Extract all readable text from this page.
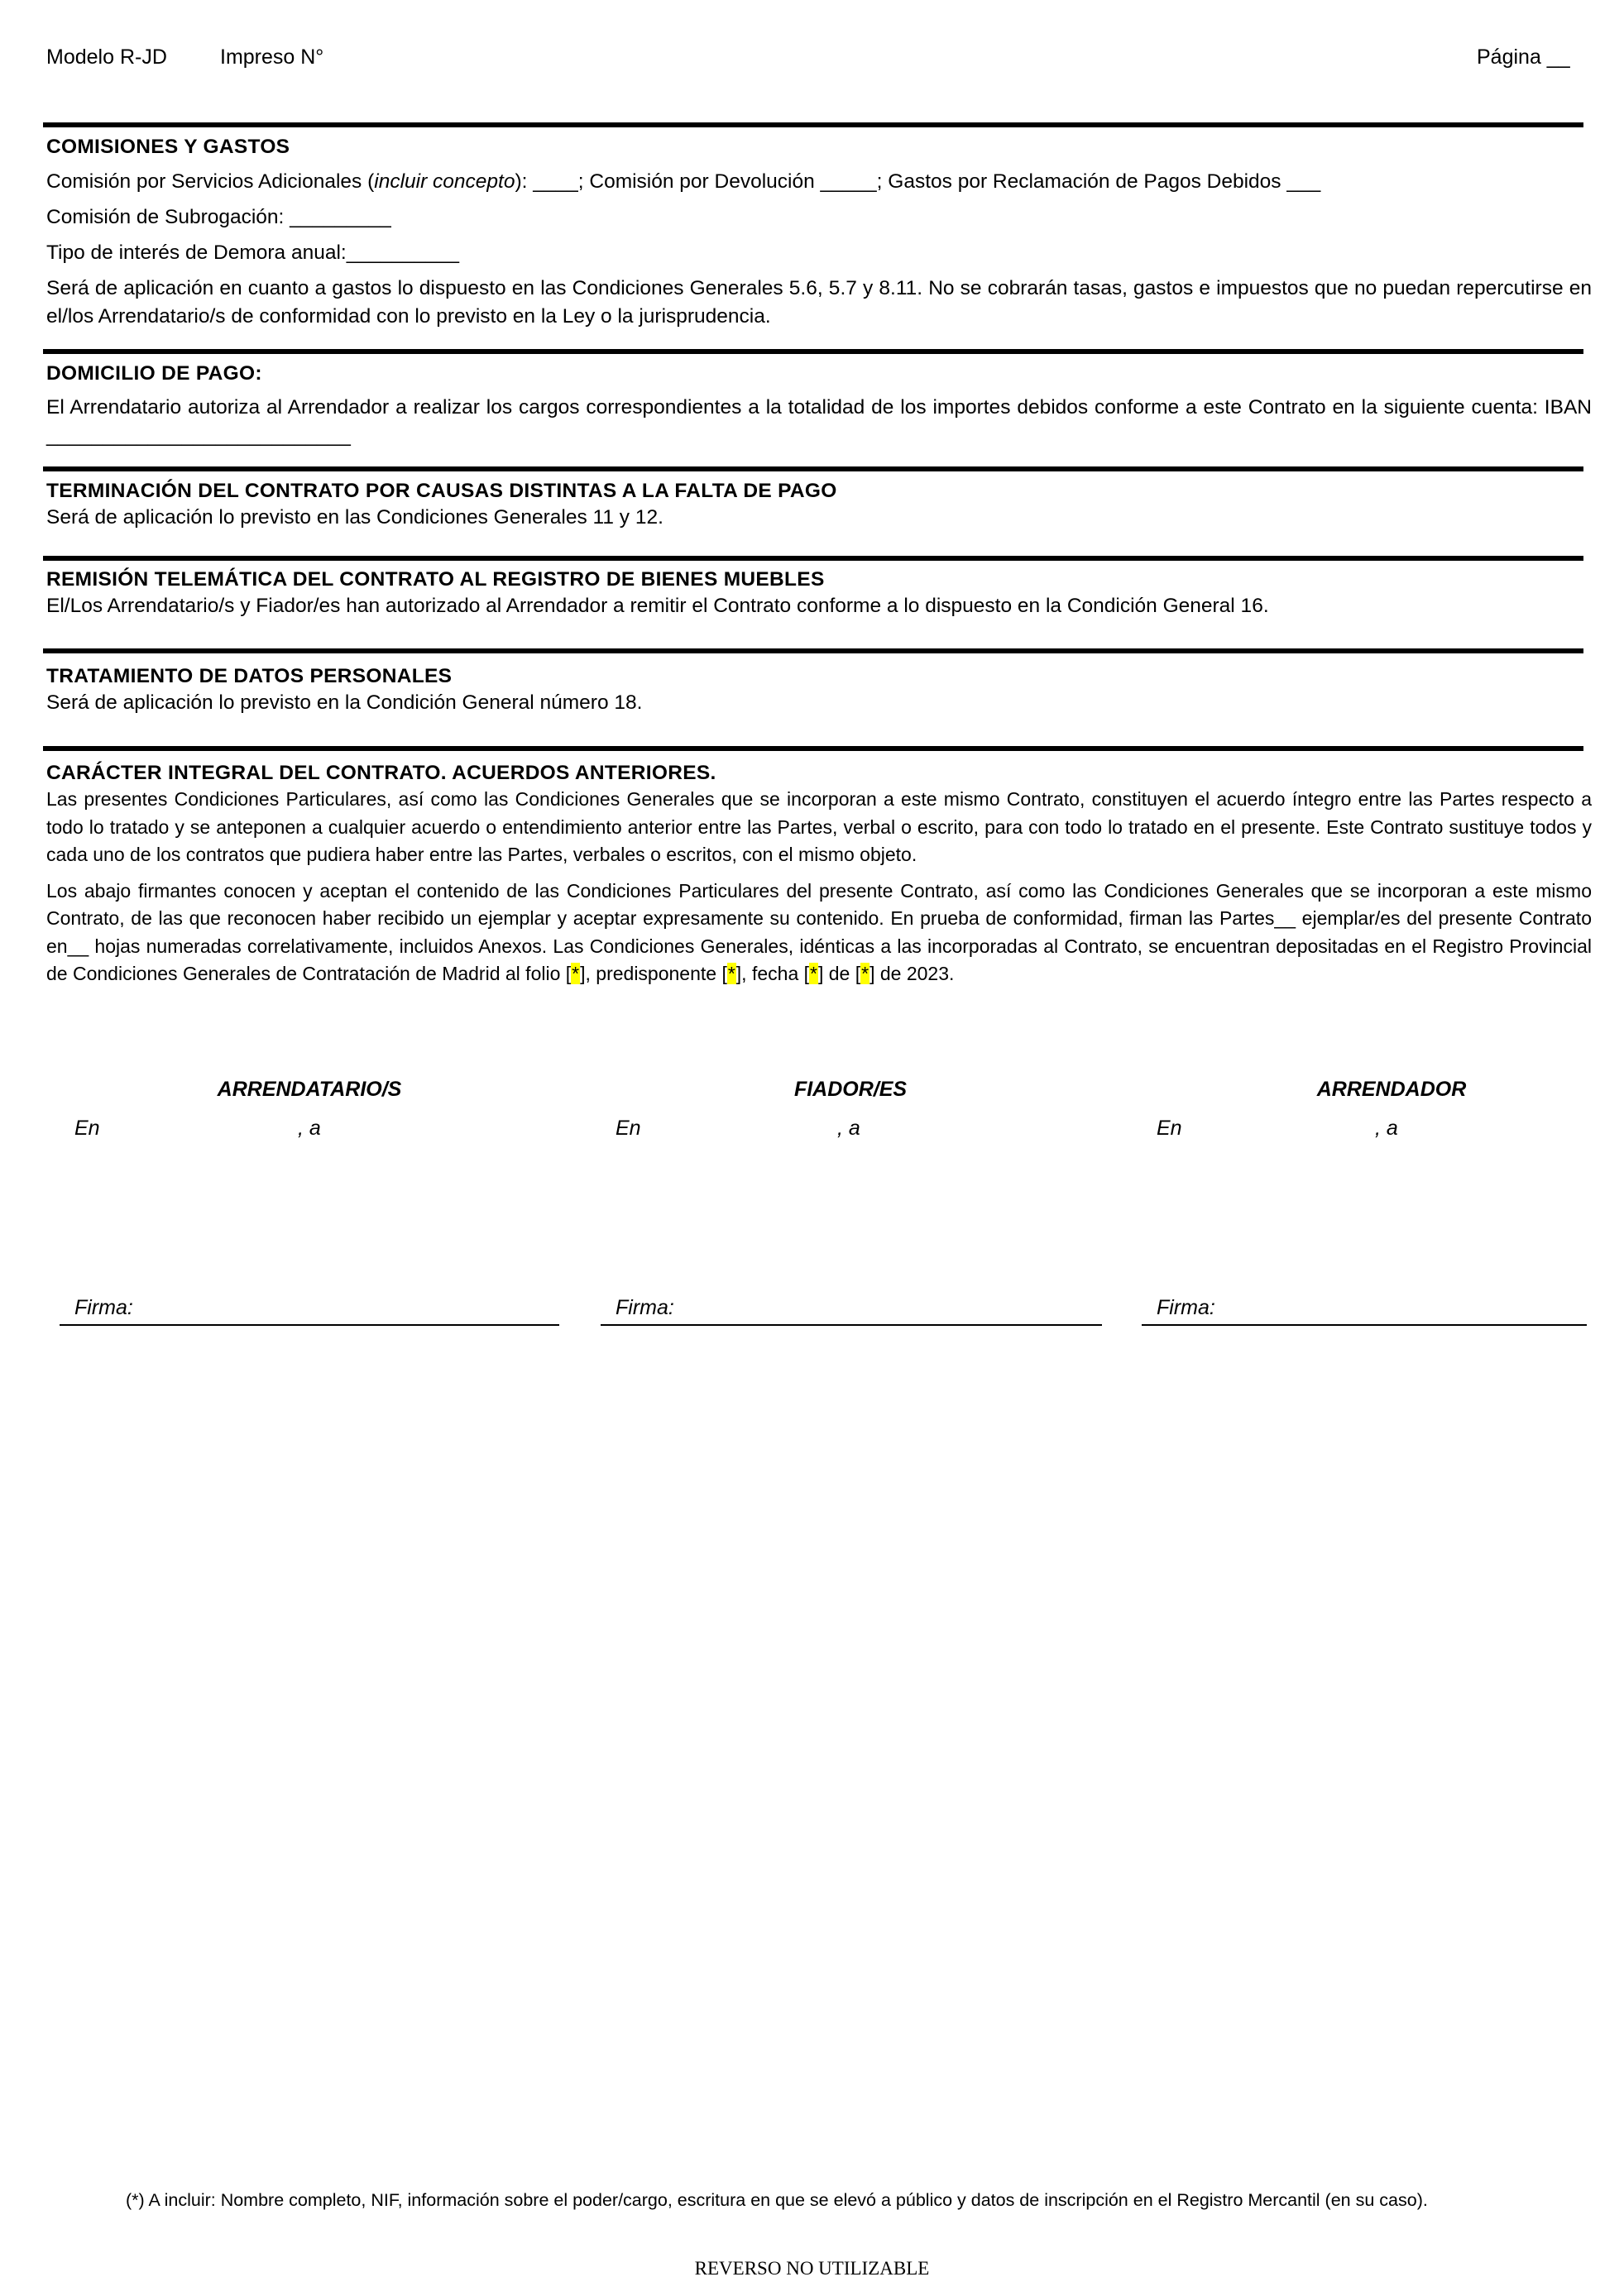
Modelo R-JD	Impreso N°	Página __
COMISIONES Y GASTOS
Comisión por Servicios Adicionales (incluir concepto): ____; Comisión por Devolución _____; Gastos por Reclamación de Pagos Debidos ___
Comisión de Subrogación: _________
Tipo de interés de Demora anual:__________
Será de aplicación en cuanto a gastos lo dispuesto en las Condiciones Generales 5.6, 5.7 y 8.11. No se cobrarán tasas, gastos e impuestos que no puedan repercutirse en el/los Arrendatario/s de conformidad con lo previsto en la Ley o la jurisprudencia.
DOMICILIO DE PAGO:
El Arrendatario autoriza al Arrendador a realizar los cargos correspondientes a la totalidad de los importes debidos conforme a este Contrato en la siguiente cuenta: IBAN ___________________________
TERMINACIÓN DEL CONTRATO POR CAUSAS DISTINTAS A LA FALTA DE PAGO
Será de aplicación lo previsto en las Condiciones Generales 11 y 12.
REMISIÓN TELEMÁTICA DEL CONTRATO AL REGISTRO DE BIENES MUEBLES
El/Los Arrendatario/s y Fiador/es han autorizado al Arrendador a remitir el Contrato conforme a lo dispuesto en la Condición General 16.
TRATAMIENTO DE DATOS PERSONALES
Será de aplicación lo previsto en la Condición General número 18.
CARÁCTER INTEGRAL DEL CONTRATO. ACUERDOS ANTERIORES.
Las presentes Condiciones Particulares, así como las Condiciones Generales que se incorporan a este mismo Contrato, constituyen el acuerdo íntegro entre las Partes respecto a todo lo tratado y se anteponen a cualquier acuerdo o entendimiento anterior entre las Partes, verbal o escrito, para con todo lo tratado en el presente. Este Contrato sustituye todos y cada uno de los contratos que pudiera haber entre las Partes, verbales o escritos, con el mismo objeto.
Los abajo firmantes conocen y aceptan el contenido de las Condiciones Particulares del presente Contrato, así como las Condiciones Generales que se incorporan a este mismo Contrato, de las que reconocen haber recibido un ejemplar y aceptar expresamente su contenido. En prueba de conformidad, firman las Partes__ ejemplar/es del presente Contrato en__ hojas numeradas correlativamente, incluidos Anexos. Las Condiciones Generales, idénticas a las incorporadas al Contrato, se encuentran depositadas en el Registro Provincial de Condiciones Generales de Contratación de Madrid al folio [*], predisponente [*], fecha [*] de [*] de 2023.
ARRENDATARIO/S
En	, a
FIADOR/ES
En	, a
ARRENDADOR
En	, a
Firma:	Firma:	Firma:
(*) A incluir: Nombre completo, NIF, información sobre el poder/cargo, escritura en que se elevó a público y datos de inscripción en el Registro Mercantil (en su caso).
REVERSO NO UTILIZABLE
